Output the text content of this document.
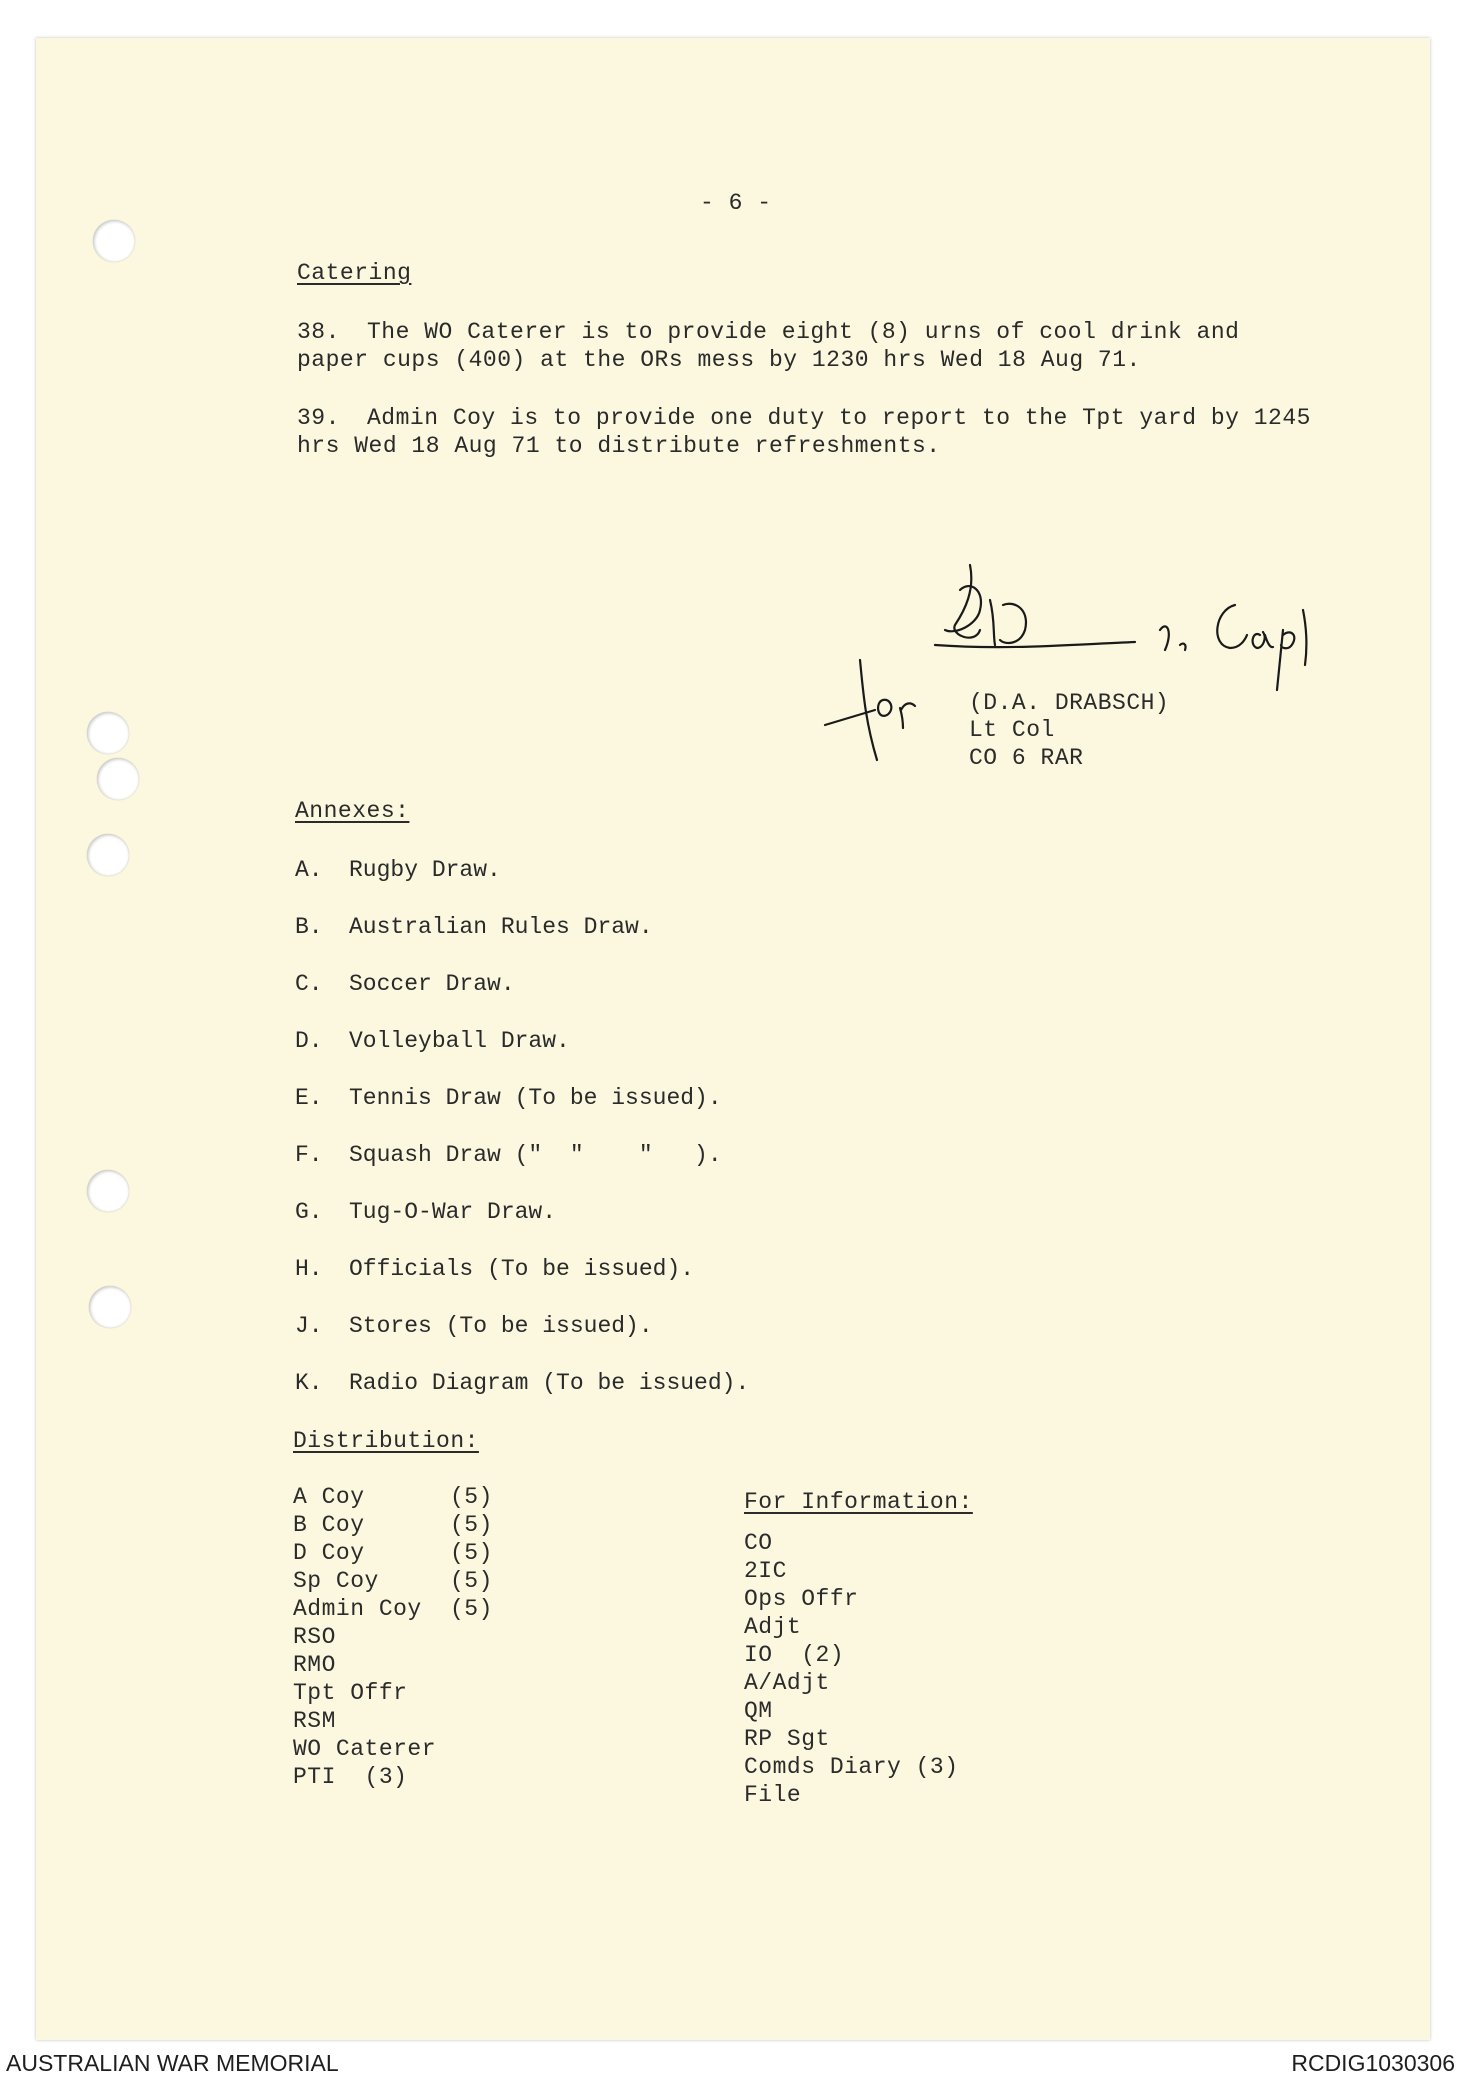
- 6 -
Catering
38. The WO Caterer is to provide eight (8) urns of cool drink and paper cups (400) at the ORs mess by 1230 hrs Wed 18 Aug 71.
39. Admin Coy is to provide one duty to report to the Tpt yard by 1245 hrs Wed 18 Aug 71 to distribute refreshments.
(D.A. DRABSCH)
Lt Col
CO 6 RAR
Annexes:
A. Rugby Draw.
B. Australian Rules Draw.
C. Soccer Draw.
D. Volleyball Draw.
E. Tennis Draw (To be issued).
F. Squash Draw ("  "    "   ).
G. Tug-O-War Draw.
H. Officials (To be issued).
J. Stores (To be issued).
K. Radio Diagram (To be issued).
Distribution:
A Coy	(5)
B Coy	(5)
D Coy	(5)
Sp Coy	(5)
Admin Coy (5)
RSO
RMO
Tpt Offr
RSM
WO Caterer
PTI  (3)
For Information:
CO
2IC
Ops Offr
Adjt
IO  (2)
A/Adjt
QM
RP Sgt
Comds Diary (3)
File
AUSTRALIAN WAR MEMORIAL	RCDIG1030306
